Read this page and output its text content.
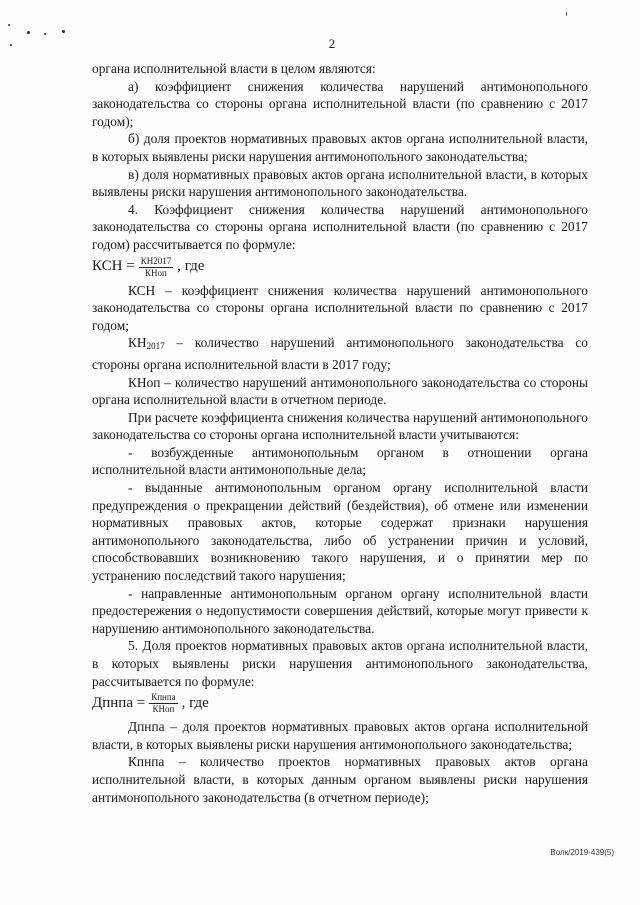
2

органа исполнительной власти в целом являются:

а) коэффициент снижения количества нарушений антимонопольного законодательства со стороны органа исполнительной власти (по сравнению с 2017 годом);

б) доля проектов нормативных правовых актов органа исполнительной власти, в которых выявлены риски нарушения антимонопольного законодательства;

в) доля нормативных правовых актов органа исполнительной власти, в которых выявлены риски нарушения антимонопольного законодательства.

4. Коэффициент снижения количества нарушений антимонопольного законодательства со стороны органа исполнительной власти (по сравнению с 2017 годом) рассчитывается по формуле:

КСН = $\frac{КН2017}{\text{КНоп}}$ , где

КСН – коэффициент снижения количества нарушений антимонопольного законодательства со стороны органа исполнительной власти по сравнению с 2017 годом;

$КН_{2017}$ – количество нарушений антимонопольного законодательства со стороны органа исполнительной власти в 2017 году;

КНоп – количество нарушений антимонопольного законодательства со стороны органа исполнительной власти в отчетном периоде.

При расчете коэффициента снижения количества нарушений антимонопольного законодательства со стороны органа исполнительной власти учитываются:

- возбужденные антимонопольным органом в отношении органа исполнительной власти антимонопольные дела;

- выданные антимонопольным органом органу исполнительной власти предупреждения о прекращении действий (бездействия), об отмене или изменении нормативных правовых актов, которые содержат признаки нарушения антимонопольного законодательства, либо об устранении причин и условий, способствовавших возникновению такого нарушения, и о принятии мер по устранению последствий такого нарушения;

- направленные антимонопольным органом органу исполнительной власти предостережения о недопустимости совершения действий, которые могут привести к нарушению антимонопольного законодательства.

5. Доля проектов нормативных правовых актов органа исполнительной власти, в которых выявлены риски нарушения антимонопольного законодательства, рассчитывается по формуле:

Дпнпа = $\frac{\text{Кпнпа}}{\text{КНоп}}$ , где

Дпнпа – доля проектов нормативных правовых актов органа исполнительной власти, в которых выявлены риски нарушения антимонопольного законодательства;

Кпнпа – количество проектов нормативных правовых актов органа исполнительной власти, в которых данным органом выявлены риски нарушения антимонопольного законодательства (в отчетном периоде);

Волк/2019-439(5)
